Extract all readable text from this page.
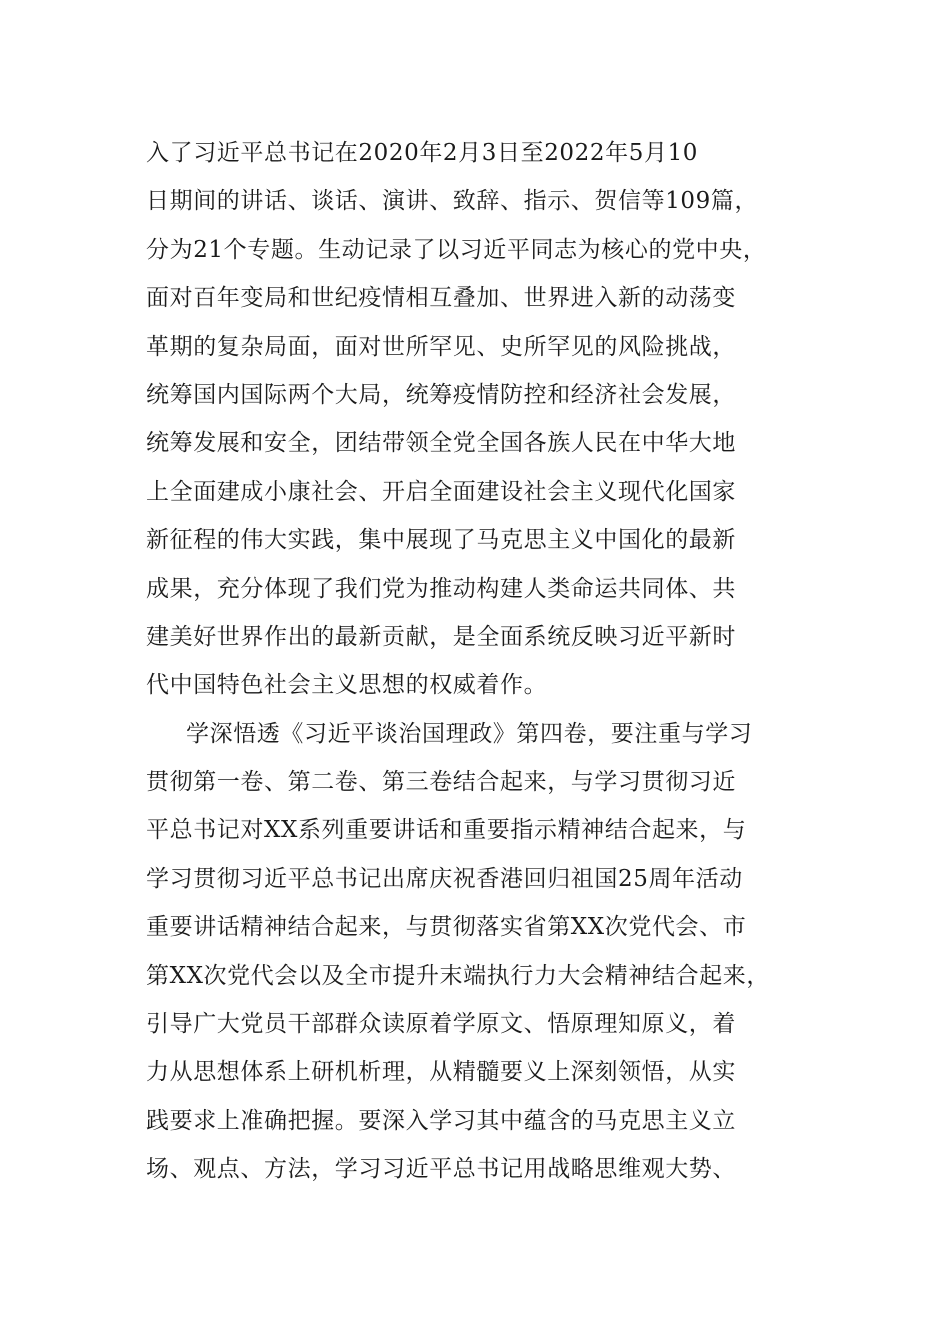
入了习近平总书记在2020年2月3日至2022年5月10
日期间的讲话、谈话、演讲、致辞、指示、贺信等109篇，
分为21个专题。生动记录了以习近平同志为核心的党中央，
面对百年变局和世纪疫情相互叠加、世界进入新的动荡变
革期的复杂局面，面对世所罕见、史所罕见的风险挑战，
统筹国内国际两个大局，统筹疫情防控和经济社会发展，
统筹发展和安全，团结带领全党全国各族人民在中华大地
上全面建成小康社会、开启全面建设社会主义现代化国家
新征程的伟大实践，集中展现了马克思主义中国化的最新
成果，充分体现了我们党为推动构建人类命运共同体、共
建美好世界作出的最新贡献，是全面系统反映习近平新时
代中国特色社会主义思想的权威着作。
学深悟透《习近平谈治国理政》第四卷，要注重与学习
贯彻第一卷、第二卷、第三卷结合起来，与学习贯彻习近
平总书记对XX系列重要讲话和重要指示精神结合起来，与
学习贯彻习近平总书记出席庆祝香港回归祖国25周年活动
重要讲话精神结合起来，与贯彻落实省第XX次党代会、市
第XX次党代会以及全市提升末端执行力大会精神结合起来，
引导广大党员干部群众读原着学原文、悟原理知原义，着
力从思想体系上研机析理，从精髓要义上深刻领悟，从实
践要求上准确把握。要深入学习其中蕴含的马克思主义立
场、观点、方法，学习习近平总书记用战略思维观大势、
